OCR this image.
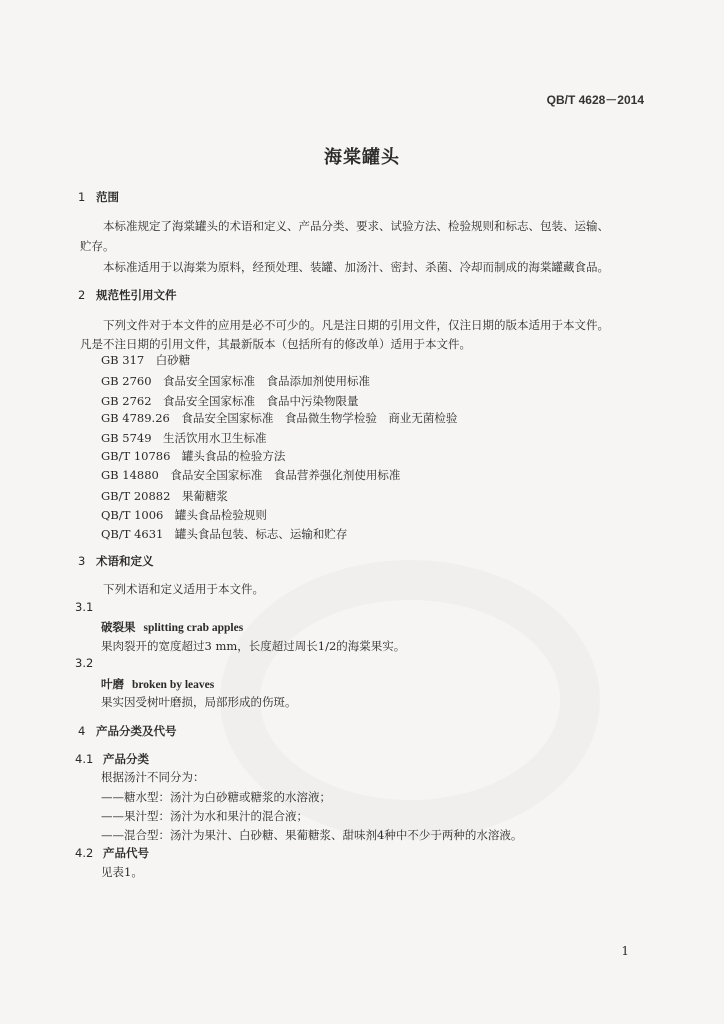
QB/T 4628－2014
海棠罐头
1 范围
本标准规定了海棠罐头的术语和定义、产品分类、要求、试验方法、检验规则和标志、包装、运输、
贮存。
本标准适用于以海棠为原料，经预处理、装罐、加汤汁、密封、杀菌、冷却而制成的海棠罐藏食品。
2 规范性引用文件
下列文件对于本文件的应用是必不可少的。凡是注日期的引用文件，仅注日期的版本适用于本文件。
凡是不注日期的引用文件，其最新版本（包括所有的修改单）适用于本文件。
GB 317　白砂糖
GB 2760　食品安全国家标准　食品添加剂使用标准
GB 2762　食品安全国家标准　食品中污染物限量
GB 4789.26　食品安全国家标准　食品微生物学检验　商业无菌检验
GB 5749　生活饮用水卫生标准
GB/T 10786　罐头食品的检验方法
GB 14880　食品安全国家标准　食品营养强化剂使用标准
GB/T 20882　果葡糖浆
QB/T 1006　罐头食品检验规则
QB/T 4631　罐头食品包装、标志、运输和贮存
3 术语和定义
下列术语和定义适用于本文件。
3.1
破裂果 splitting crab apples
果肉裂开的宽度超过3 mm，长度超过周长1/2的海棠果实。
3.2
叶磨 broken by leaves
果实因受树叶磨损，局部形成的伤斑。
4 产品分类及代号
4.1 产品分类
根据汤汁不同分为：
——糖水型：汤汁为白砂糖或糖浆的水溶液；
——果汁型：汤汁为水和果汁的混合液；
——混合型：汤汁为果汁、白砂糖、果葡糖浆、甜味剂4种中不少于两种的水溶液。
4.2 产品代号
见表1。
1
